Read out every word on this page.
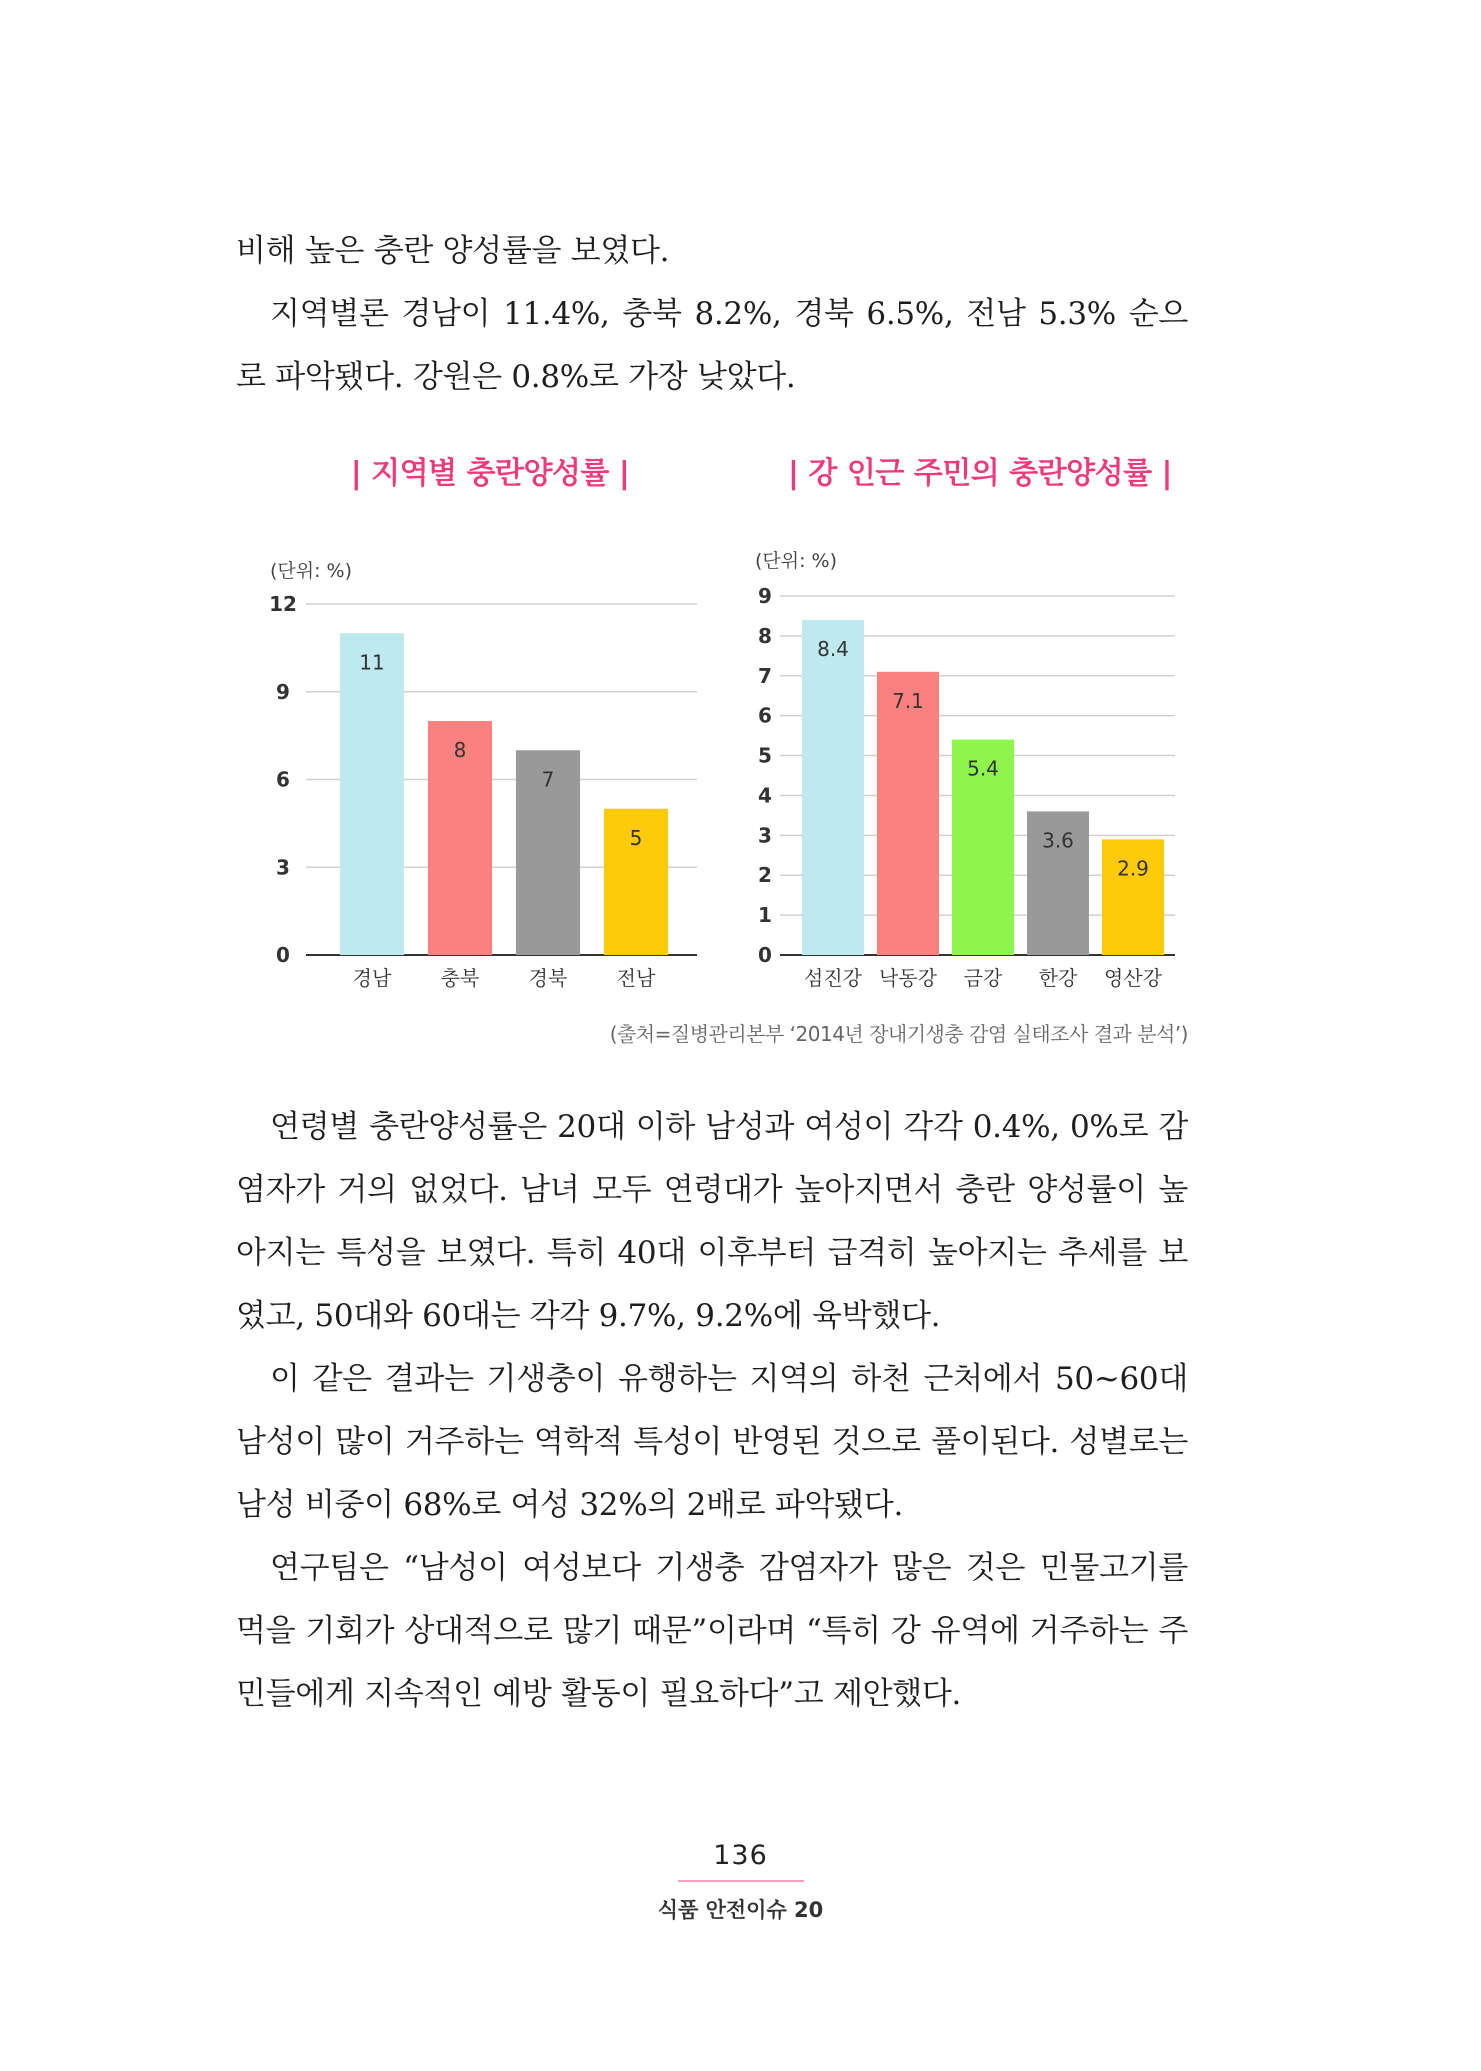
비해 높은 충란 양성률을 보였다.

지역별론 경남이 11.4%, 충북 8.2%, 경북 6.5%, 전남 5.3% 순으로 파악됐다. 강원은 0.8%로 가장 낮았다.

| 지역별 충란양성률 |	| 강 인근 주민의 충란양성률 |
(단위: %)
0
3
6
9
12
11
경남
8
충북
7
경북
5
전남
(단위: %)
0
1
2
3
4
5
6
7
8
9
8.4
섬진강
7.1
낙동강
5.4
금강
3.6
한강
2.9
영산강
(출처=질병관리본부 ‘2014년 장내기생충 감염 실태조사 결과 분석’)

연령별 충란양성률은 20대 이하 남성과 여성이 각각 0.4%, 0%로 감염자가 거의 없었다. 남녀 모두 연령대가 높아지면서 충란 양성률이 높아지는 특성을 보였다. 특히 40대 이후부터 급격히 높아지는 추세를 보였고, 50대와 60대는 각각 9.7%, 9.2%에 육박했다.

이 같은 결과는 기생충이 유행하는 지역의 하천 근처에서 50~60대 남성이 많이 거주하는 역학적 특성이 반영된 것으로 풀이된다. 성별로는 남성 비중이 68%로 여성 32%의 2배로 파악됐다.

연구팀은 “남성이 여성보다 기생충 감염자가 많은 것은 민물고기를 먹을 기회가 상대적으로 많기 때문”이라며 “특히 강 유역에 거주하는 주민들에게 지속적인 예방 활동이 필요하다”고 제안했다.

136
식품 안전이슈 20
